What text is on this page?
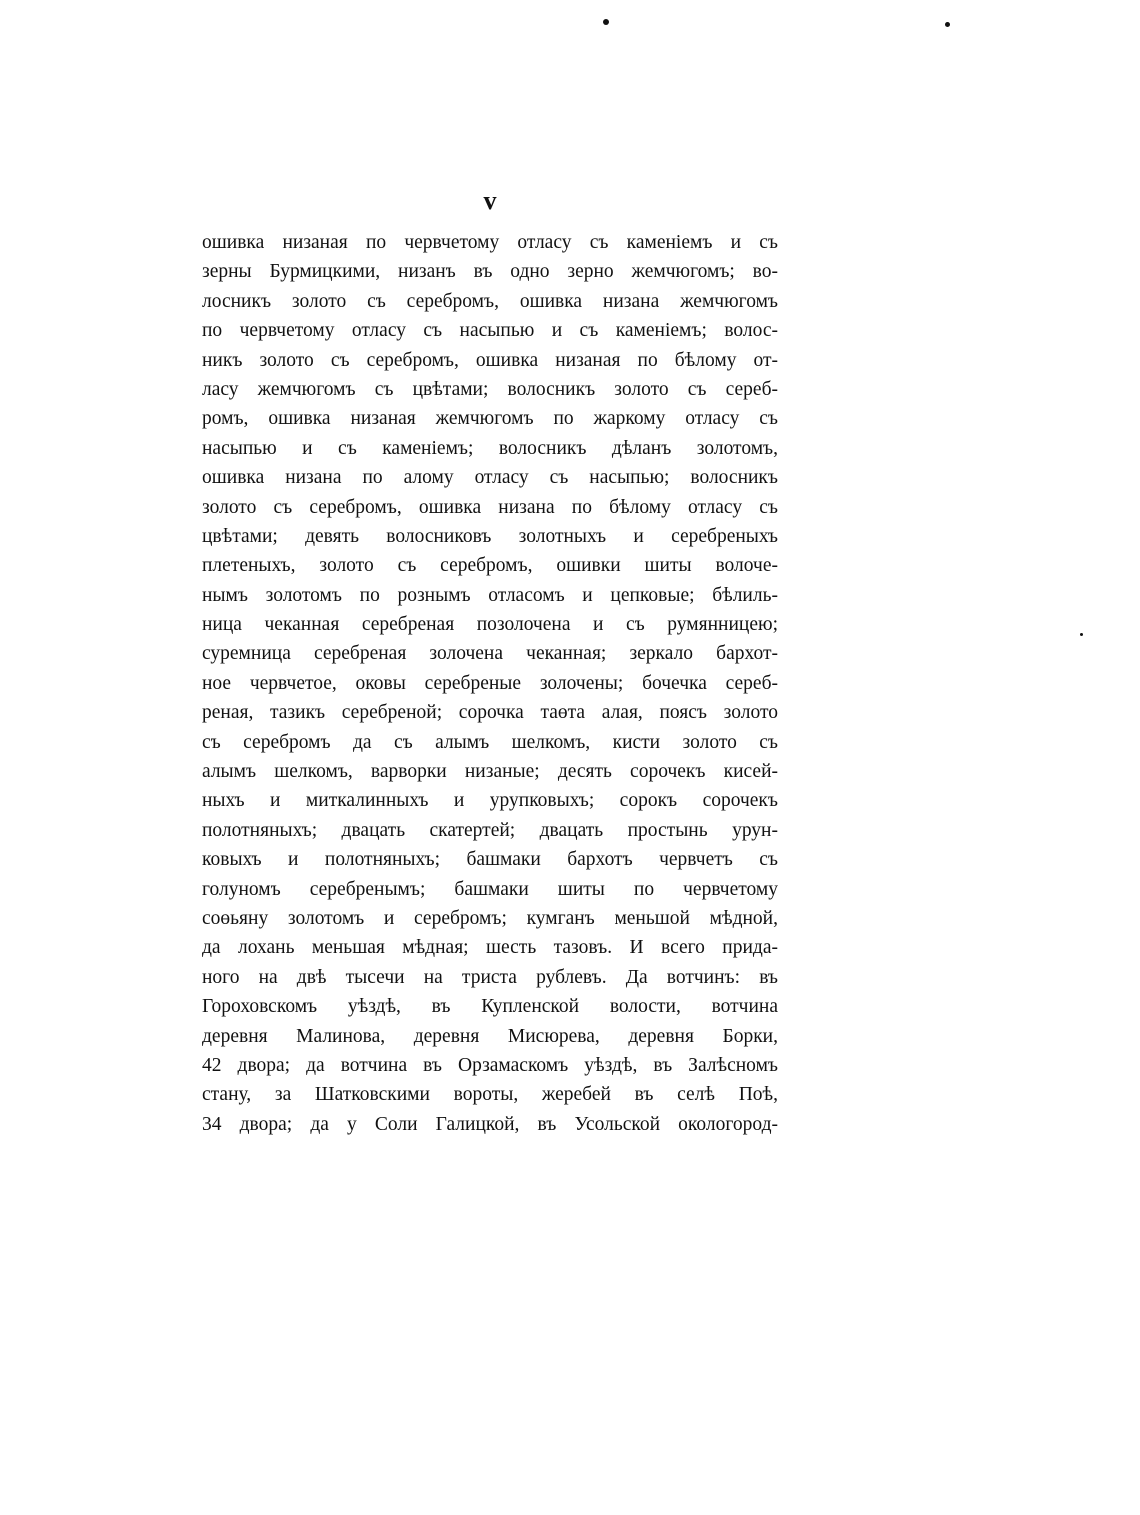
v
ошивка низаная по червчетому отласу съ каменіемъ и съ
зерны Бурмицкими, низанъ въ одно зерно жемчюгомъ; во-
лосникъ золото съ серебромъ, ошивка низана жемчюгомъ
по червчетому отласу съ насыпью и съ каменіемъ; волос-
никъ золото съ серебромъ, ошивка низаная по бѣлому от-
ласу жемчюгомъ съ цвѣтами; волосникъ золото съ сереб-
ромъ, ошивка низаная жемчюгомъ по жаркому отласу съ
насыпью и съ каменіемъ; волосникъ дѣланъ золотомъ,
ошивка низана по алому отласу съ насыпью; волосникъ
золото съ серебромъ, ошивка низана по бѣлому отласу съ
цвѣтами; девять волосниковъ золотныхъ и серебреныхъ
плетеныхъ, золото съ серебромъ, ошивки шиты волоче-
нымъ золотомъ по рознымъ отласомъ и цепковые; бѣлиль-
ница чеканная серебреная позолочена и съ румянницею;
суремница серебреная золочена чеканная; зеркало бархот-
ное червчетое, оковы серебреные золочены; бочечка сереб-
реная, тазикъ серебреной; сорочка таөта алая, поясъ золото
съ серебромъ да съ алымъ шелкомъ, кисти золото съ
алымъ шелкомъ, варворки низаные; десять сорочекъ кисей-
ныхъ и миткалинныхъ и урупковыхъ; сорокъ сорочекъ
полотняныхъ; двацать скатертей; двацать простынь урун-
ковыхъ и полотняныхъ; башмаки бархотъ червчетъ съ
голуномъ серебренымъ; башмаки шиты по червчетому
соөьяну золотомъ и серебромъ; кумганъ меньшой мѣдной,
да лохань меньшая мѣдная; шесть тазовъ. И всего прида-
ного на двѣ тысечи на триста рублевъ. Да вотчинъ: въ
Гороховскомъ уѣздѣ, въ Купленской волости, вотчина
деревня Малинова, деревня Мисюрева, деревня Борки,
42 двора; да вотчина въ Орзамаскомъ уѣздѣ, въ Залѣсномъ
стану, за Шатковскими вороты, жеребей въ селѣ Поѣ,
34 двора; да у Соли Галицкой, въ Усольской окологород-
